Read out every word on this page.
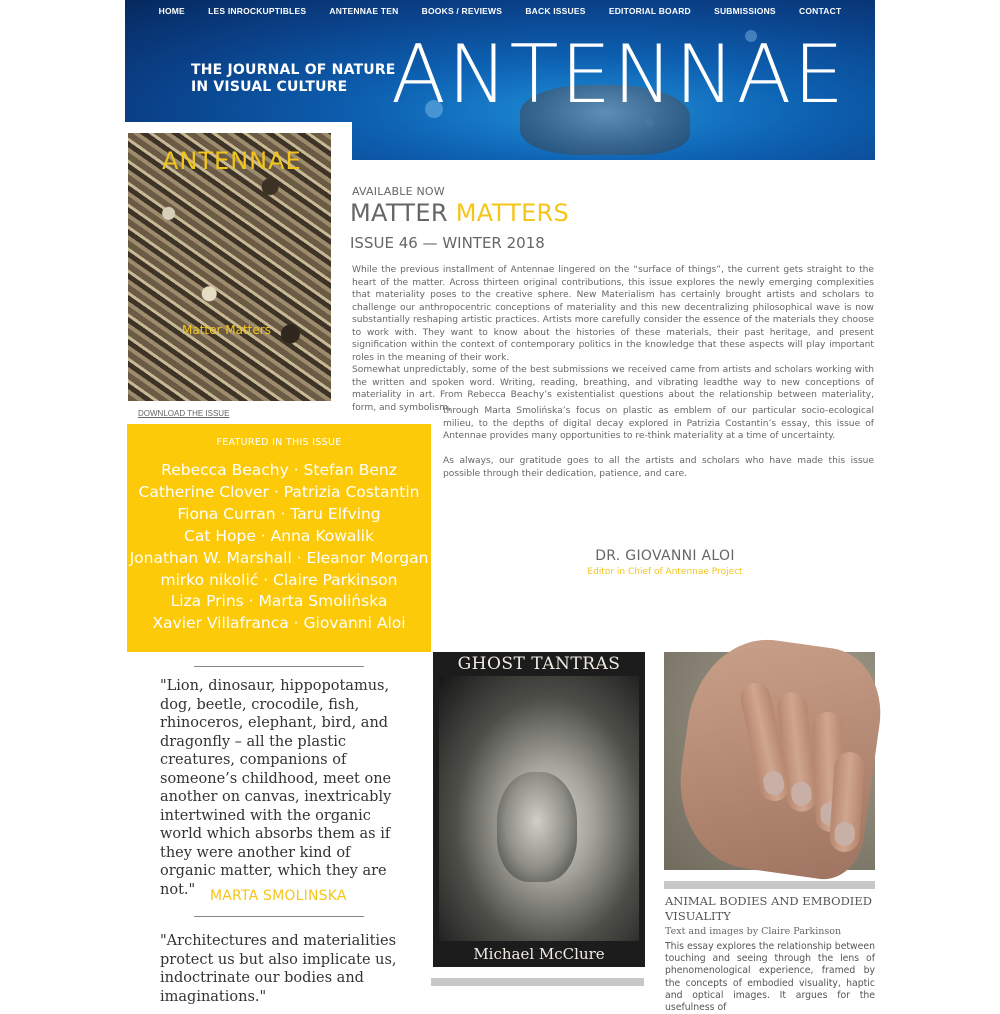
HOME	LES INROCKUPTIBLES	ANTENNAE TEN	BOOKS / REVIEWS	BACK ISSUES	EDITORIAL BOARD	SUBMISSIONS	CONTACT
THE JOURNAL OF NATURE
IN VISUAL CULTURE ANTENNAE
ANTENNAE
Matter Matters
DOWNLOAD THE ISSUE
FEATURED IN THIS ISSUE
Rebecca Beachy · Stefan Benz
Catherine Clover · Patrizia Costantin
Fiona Curran · Taru Elfving
Cat Hope · Anna Kowalik
Jonathan W. Marshall · Eleanor Morgan
mirko nikolić · Claire Parkinson
Liza Prins · Marta Smolińska
Xavier Villafranca · Giovanni Aloi
AVAILABLE NOW
MATTER MATTERS
ISSUE 46 — WINTER 2018

While the previous installment of Antennae lingered on the “surface of things”, the current gets straight to the heart of the matter. Across thirteen original contributions, this issue explores the newly emerging complexities that materiality poses to the creative sphere. New Materialism has certainly brought artists and scholars to challenge our anthropocentric conceptions of materiality and this new decentralizing philosophical wave is now substantially reshaping artistic practices. Artists more carefully consider the essence of the materials they choose to work with. They want to know about the histories of these materials, their past heritage, and present signification within the context of contemporary politics in the knowledge that these aspects will play important roles in the meaning of their work.

Somewhat unpredictably, some of the best submissions we received came from artists and scholars working with the written and spoken word. Writing, reading, breathing, and vibrating leadthe way to new conceptions of materiality in art. From Rebecca Beachy’s existentialist questions about the relationship between materiality, form, and symbolism,

through Marta Smolińska’s focus on plastic as emblem of our particular socio-ecological milieu, to the depths of digital decay explored in Patrizia Costantin’s essay, this issue of Antennae provides many opportunities to re-think materiality at a time of uncertainty.

As always, our gratitude goes to all the artists and scholars who have made this issue possible through their dedication, patience, and care.

DR. GIOVANNI ALOI
Editor in Chief of Antennae Project

"Lion, dinosaur, hippopotamus, dog, beetle, crocodile, fish, rhinoceros, elephant, bird, and dragonfly – all the plastic creatures, companions of someone’s childhood, meet one another on canvas, inextricably intertwined with the organic world which absorbs them as if they were another kind of organic matter, which they are not."	MARTA SMOLINSKA

"Architectures and materialities protect us but also implicate us, indoctrinate our bodies and imaginations."

GHOST TANTRAS
Michael McClure
ANIMAL BODIES AND EMBODIED VISUALITY
Text and images by Claire Parkinson

This essay explores the relationship between touching and seeing through the lens of phenomenological experience, framed by the concepts of embodied visuality, haptic and optical images. It argues for the usefulness of
